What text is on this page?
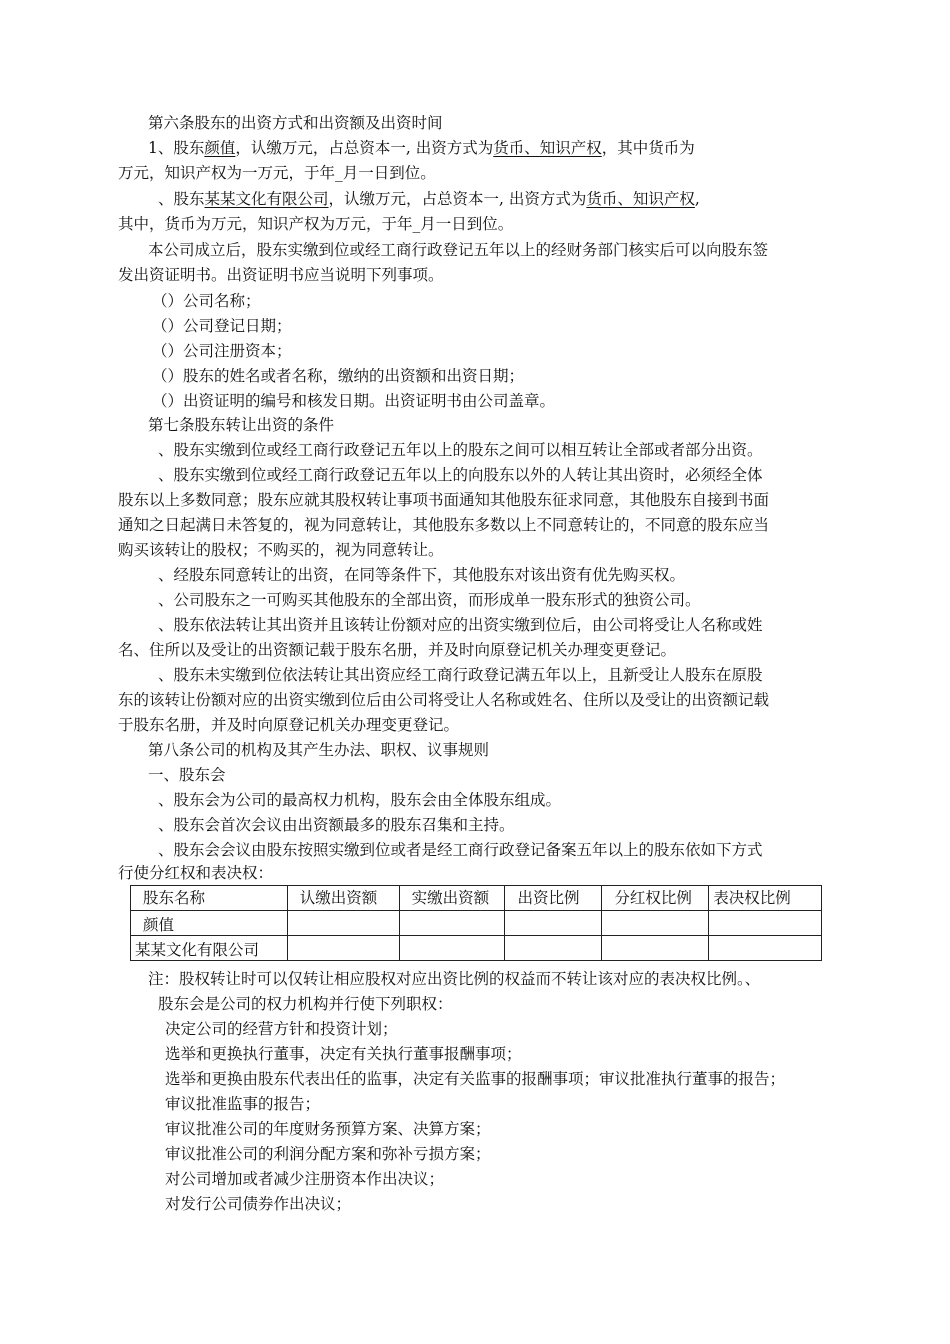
第六条股东的出资方式和出资额及出资时间
1、股东颜值，认缴万元，占总资本一, 出资方式为货币、知识产权，其中货币为
万元，知识产权为一万元，于年_月一日到位。
、股东某某文化有限公司，认缴万元，占总资本一, 出资方式为货币、知识产权,
其中，货币为万元，知识产权为万元，于年_月一日到位。
本公司成立后，股东实缴到位或经工商行政登记五年以上的经财务部门核实后可以向股东签
发出资证明书。出资证明书应当说明下列事项。
（）公司名称；
（）公司登记日期；
（）公司注册资本；
（）股东的姓名或者名称，缴纳的出资额和出资日期；
（）出资证明的编号和核发日期。出资证明书由公司盖章。
第七条股东转让出资的条件
、股东实缴到位或经工商行政登记五年以上的股东之间可以相互转让全部或者部分出资。
、股东实缴到位或经工商行政登记五年以上的向股东以外的人转让其出资时，必须经全体
股东以上多数同意；股东应就其股权转让事项书面通知其他股东征求同意，其他股东自接到书面
通知之日起满日未答复的，视为同意转让，其他股东多数以上不同意转让的，不同意的股东应当
购买该转让的股权；不购买的，视为同意转让。
、经股东同意转让的出资，在同等条件下，其他股东对该出资有优先购买权。
、公司股东之一可购买其他股东的全部出资，而形成单一股东形式的独资公司。
、股东依法转让其出资并且该转让份额对应的出资实缴到位后，由公司将受让人名称或姓
名、住所以及受让的出资额记载于股东名册，并及时向原登记机关办理变更登记。
、股东未实缴到位依法转让其出资应经工商行政登记满五年以上，且新受让人股东在原股
东的该转让份额对应的出资实缴到位后由公司将受让人名称或姓名、住所以及受让的出资额记载
于股东名册，并及时向原登记机关办理变更登记。
第八条公司的机构及其产生办法、职权、议事规则
一、股东会
、股东会为公司的最高权力机构，股东会由全体股东组成。
、股东会首次会议由出资额最多的股东召集和主持。
、股东会会议由股东按照实缴到位或者是经工商行政登记备案五年以上的股东依如下方式
行使分红权和表决权：
股东名称	认缴出资额	实缴出资额	出资比例	分红权比例	表决权比例
颜值					
某某文化有限公司					
注：股权转让时可以仅转让相应股权对应出资比例的权益而不转让该对应的表决权比例。、
股东会是公司的权力机构并行使下列职权：
决定公司的经营方针和投资计划；
选举和更换执行董事，决定有关执行董事报酬事项；
选举和更换由股东代表出任的监事，决定有关监事的报酬事项；审议批准执行董事的报告；
审议批准监事的报告；
审议批准公司的年度财务预算方案、决算方案；
审议批准公司的利润分配方案和弥补亏损方案；
对公司增加或者减少注册资本作出决议；
对发行公司债券作出决议；
